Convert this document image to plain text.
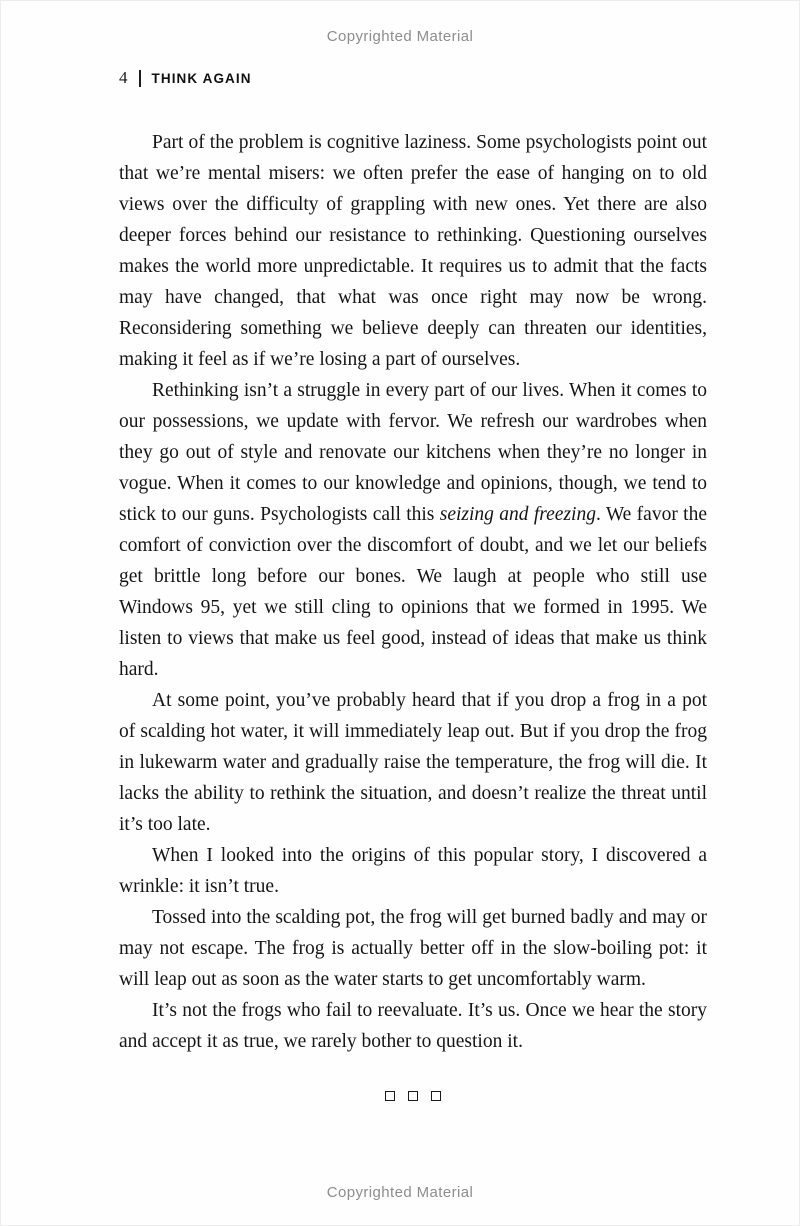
Copyrighted Material
4 THINK AGAIN

Part of the problem is cognitive laziness. Some psychologists point out that we’re mental misers: we often prefer the ease of hanging on to old views over the difficulty of grappling with new ones. Yet there are also deeper forces behind our resistance to rethinking. Questioning ourselves makes the world more unpredictable. It requires us to admit that the facts may have changed, that what was once right may now be wrong. Reconsidering something we believe deeply can threaten our identities, making it feel as if we’re losing a part of ourselves.

Rethinking isn’t a struggle in every part of our lives. When it comes to our possessions, we update with fervor. We refresh our wardrobes when they go out of style and renovate our kitchens when they’re no longer in vogue. When it comes to our knowledge and opinions, though, we tend to stick to our guns. Psychologists call this seizing and freezing. We favor the comfort of conviction over the discomfort of doubt, and we let our beliefs get brittle long before our bones. We laugh at people who still use Windows 95, yet we still cling to opinions that we formed in 1995. We listen to views that make us feel good, instead of ideas that make us think hard.

At some point, you’ve probably heard that if you drop a frog in a pot of scalding hot water, it will immediately leap out. But if you drop the frog in lukewarm water and gradually raise the temperature, the frog will die. It lacks the ability to rethink the situation, and doesn’t realize the threat until it’s too late.

When I looked into the origins of this popular story, I discovered a wrinkle: it isn’t true.

Tossed into the scalding pot, the frog will get burned badly and may or may not escape. The frog is actually better off in the slow-boiling pot: it will leap out as soon as the water starts to get uncomfortably warm.

It’s not the frogs who fail to reevaluate. It’s us. Once we hear the story and accept it as true, we rarely bother to question it.

Copyrighted Material
